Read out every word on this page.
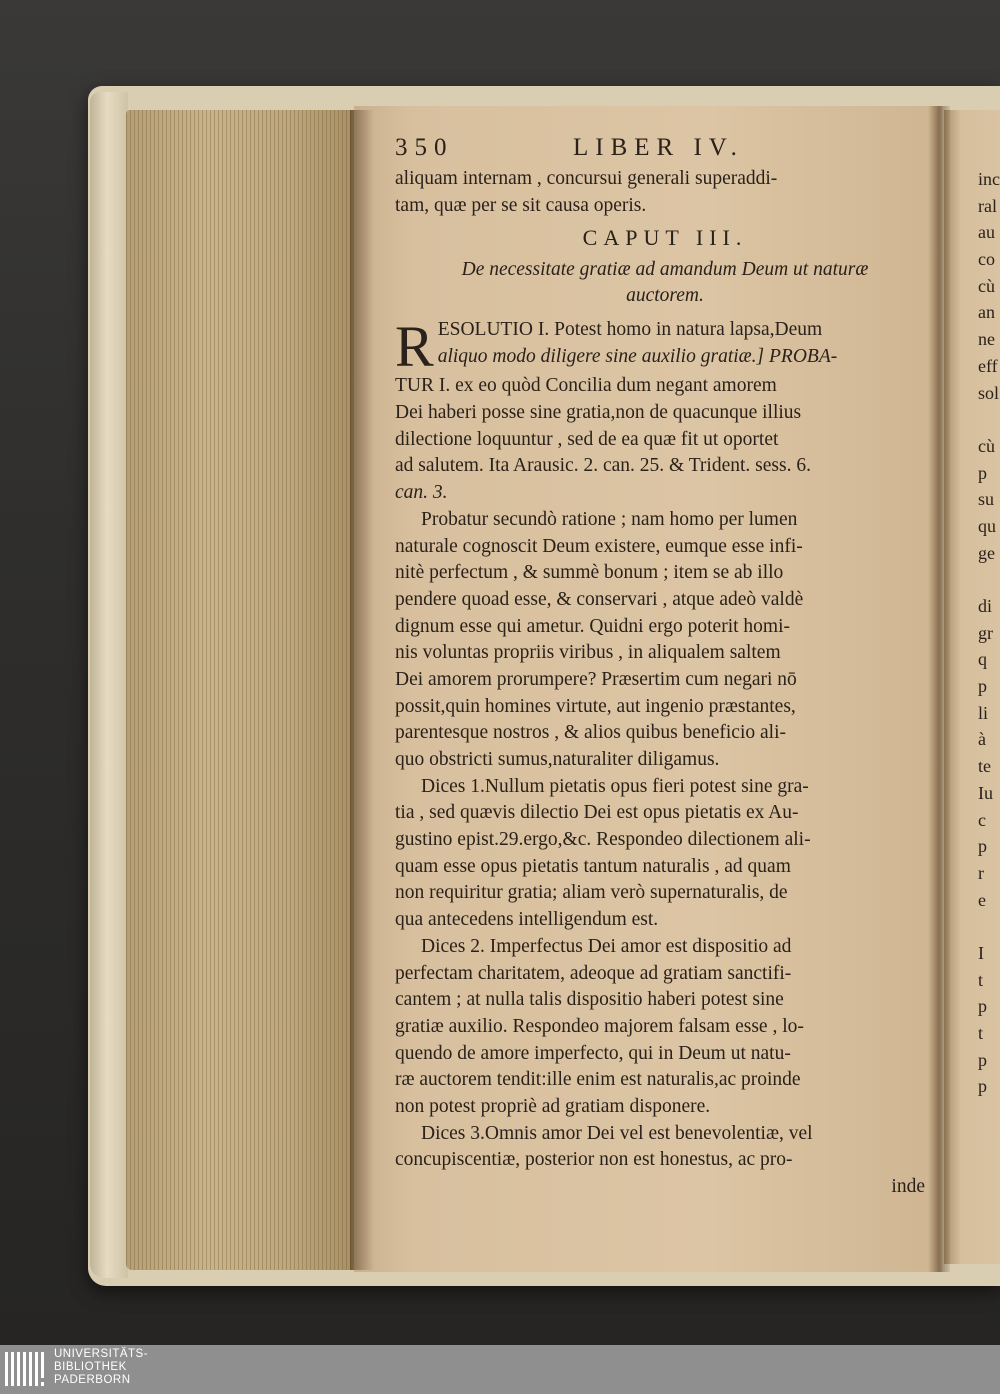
350	LIBER IV.
aliquam internam , concursui generali superaddi-
tam, quæ per se sit causa operis.
CAPUT III.
De necessitate gratiæ ad amandum Deum ut naturæ
auctorem.
R ESOLUTIO I. Potest homo in natura lapsa,Deum
aliquo modo diligere sine auxilio gratiæ.] PROBA-
TUR I. ex eo quòd Concilia dum negant amorem
Dei haberi posse sine gratia,non de quacunque illius
dilectione loquuntur , sed de ea quæ fit ut oportet
ad salutem. Ita Arausic. 2. can. 25. & Trident. sess. 6.
can. 3.
Probatur secundò ratione ; nam homo per lumen
naturale cognoscit Deum existere, eumque esse infi-
nitè perfectum , & summè bonum ; item se ab illo
pendere quoad esse, & conservari , atque adeò valdè
dignum esse qui ametur. Quidni ergo poterit homi-
nis voluntas propriis viribus , in aliqualem saltem
Dei amorem prorumpere? Præsertim cum negari nō
possit,quin homines virtute, aut ingenio præstantes,
parentesque nostros , & alios quibus beneficio ali-
quo obstricti sumus,naturaliter diligamus.
Dices 1.Nullum pietatis opus fieri potest sine gra-
tia , sed quævis dilectio Dei est opus pietatis ex Au-
gustino epist.29.ergo,&c. Respondeo dilectionem ali-
quam esse opus pietatis tantum naturalis , ad quam
non requiritur gratia; aliam verò supernaturalis, de
qua antecedens intelligendum est.
Dices 2. Imperfectus Dei amor est dispositio ad
perfectam charitatem, adeoque ad gratiam sanctifi-
cantem ; at nulla talis dispositio haberi potest sine
gratiæ auxilio. Respondeo majorem falsam esse , lo-
quendo de amore imperfecto, qui in Deum ut natu-
ræ auctorem tendit:ille enim est naturalis,ac proinde
non potest propriè ad gratiam disponere.
Dices 3.Omnis amor Dei vel est benevolentiæ, vel
concupiscentiæ, posterior non est honestus, ac pro-
inde
inc
ral
au
co
cù
an
ne
eff
sol
cù
p
su
qu
ge
di
gr
q
p
li
à
te
Iu
c
p
r
e
I
t
p
t
p
p
UNIVERSITÄTS-
BIBLIOTHEK
PADERBORN
